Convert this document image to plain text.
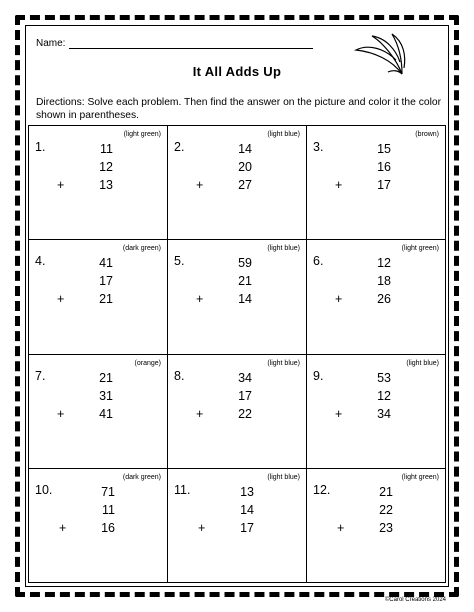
Name:
It All Adds Up
Directions: Solve each problem. Then find the answer on the picture and color it the color shown in parentheses.
(light green)
1.	11
12
+	13
(light blue)
2.	14
20
+	27
(brown)
3.	15
16
+	17
(dark green)
4.	41
17
+	21
(light blue)
5.	59
21
+	14
(light green)
6.	12
18
+	26
(orange)
7.	21
31
+	41
(light blue)
8.	34
17
+	22
(light blue)
9.	53
12
+	34
(dark green)
10.	71
11
+	16
(light blue)
11.	13
14
+	17
(light green)
12.	21
22
+	23
©Carol Creations 2024
